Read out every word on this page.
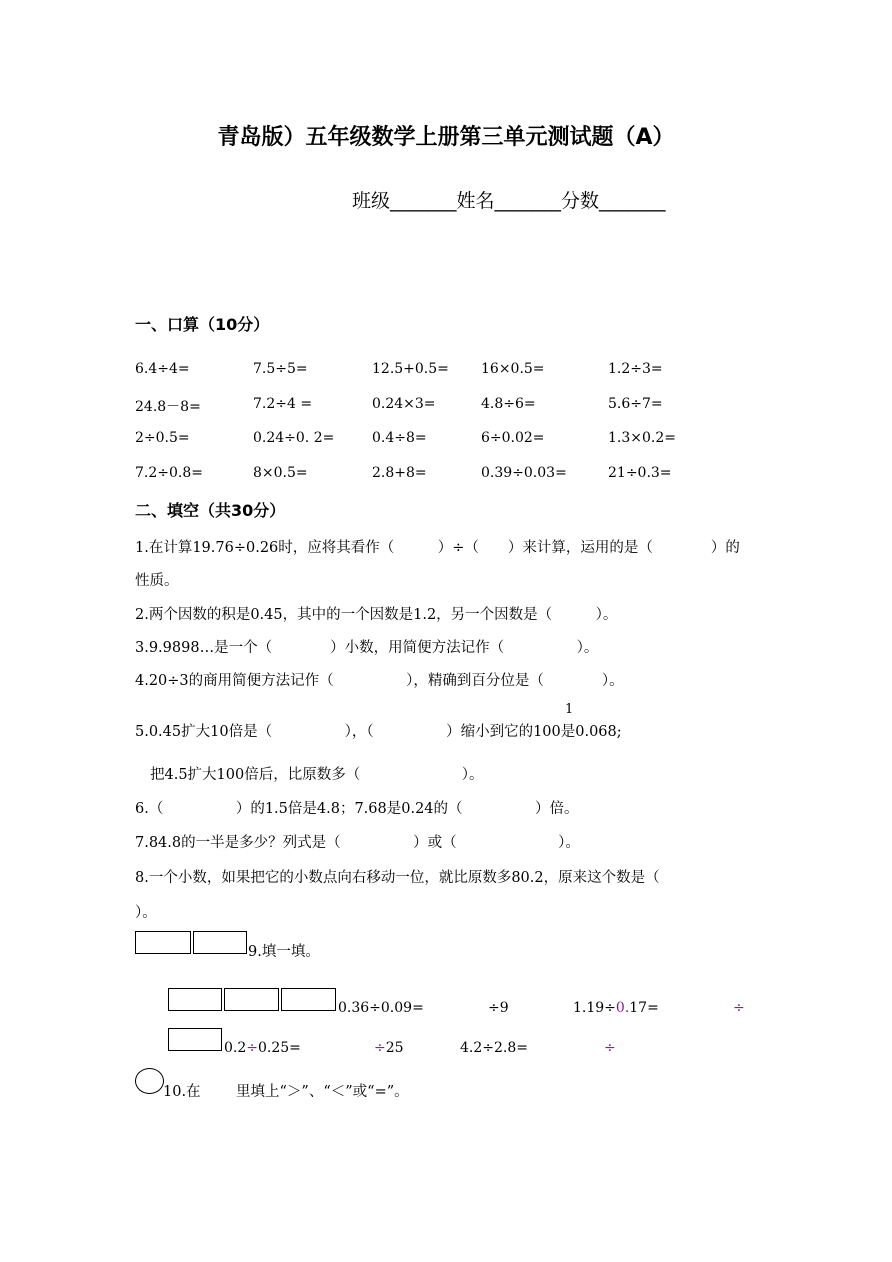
青岛版）五年级数学上册第三单元测试题（A）
班级_______姓名_______分数_______
一、口算（10分）
6.4÷4=	7.5÷5=	12.5+0.5= 16×0.5=	1.2÷3=
24.8－8=	7.2÷4 =	0.24×3=	4.8÷6=	5.6÷7=
2÷0.5=	0.24÷0. 2=	0.4÷8=	6÷0.02=	1.3×0.2=
7.2÷0.8=	8×0.5=	2.8+8=	0.39÷0.03=	21÷0.3=
二、填空（共30分）
1.在计算19.76÷0.26时，应将其看作（　　　）÷（　　）来计算，运用的是（　　　　）的
性质。
2.两个因数的积是0.45，其中的一个因数是1.2，另一个因数是（　　　）。
3.9.9898…是一个（　　　　）小数，用简便方法记作（　　　　　）。
4.20÷3的商用简便方法记作（　　　　　），精确到百分位是（　　　　）。
1
5.0.45扩大10倍是（　　　　　），（　　　　　）缩小到它的100是0.068;
把4.5扩大100倍后，比原数多（　　　　　　　）。
6.（　　　　　）的1.5倍是4.8；7.68是0.24的（　　　　　）倍。
7.84.8的一半是多少？列式是（　　　　　）或（　　　　　　　）。
8.一个小数，如果把它的小数点向右移动一位，就比原数多80.2，原来这个数是（
）。
9.填一填。
0.36÷0.09=	÷9	1.19÷0.17=	÷
0.2÷0.25=	÷25	4.2÷2.8=	÷
10.在 里填上“＞”、“＜”或“=”。
